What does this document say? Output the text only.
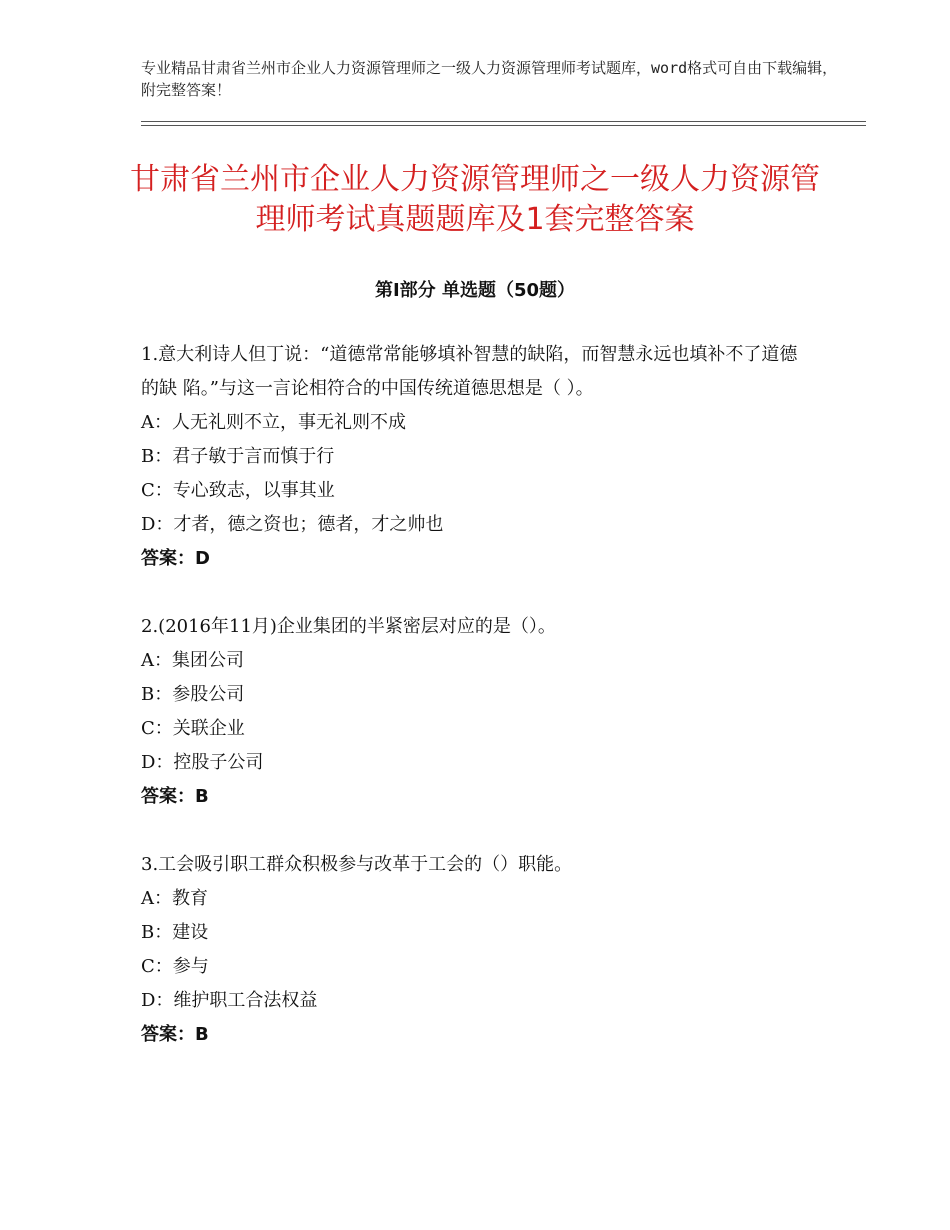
专业精品甘肃省兰州市企业人力资源管理师之一级人力资源管理师考试题库，word格式可自由下载编辑，附完整答案！
甘肃省兰州市企业人力资源管理师之一级人力资源管理师考试真题题库及1套完整答案
第Ⅰ部分 单选题（50题）

1.意大利诗人但丁说：“道德常常能够填补智慧的缺陷，而智慧永远也填补不了道德的缺 陷。”与这一言论相符合的中国传统道德思想是（ ）。

A：人无礼则不立，事无礼则不成

B：君子敏于言而慎于行

C：专心致志，以事其业

D：才者，德之资也；德者，才之帅也

答案：D

2.(2016年11月)企业集团的半紧密层对应的是（）。

A：集团公司

B：参股公司

C：关联企业

D：控股子公司

答案：B

3.工会吸引职工群众积极参与改革于工会的（）职能。

A：教育

B：建设

C：参与

D：维护职工合法权益

答案：B
